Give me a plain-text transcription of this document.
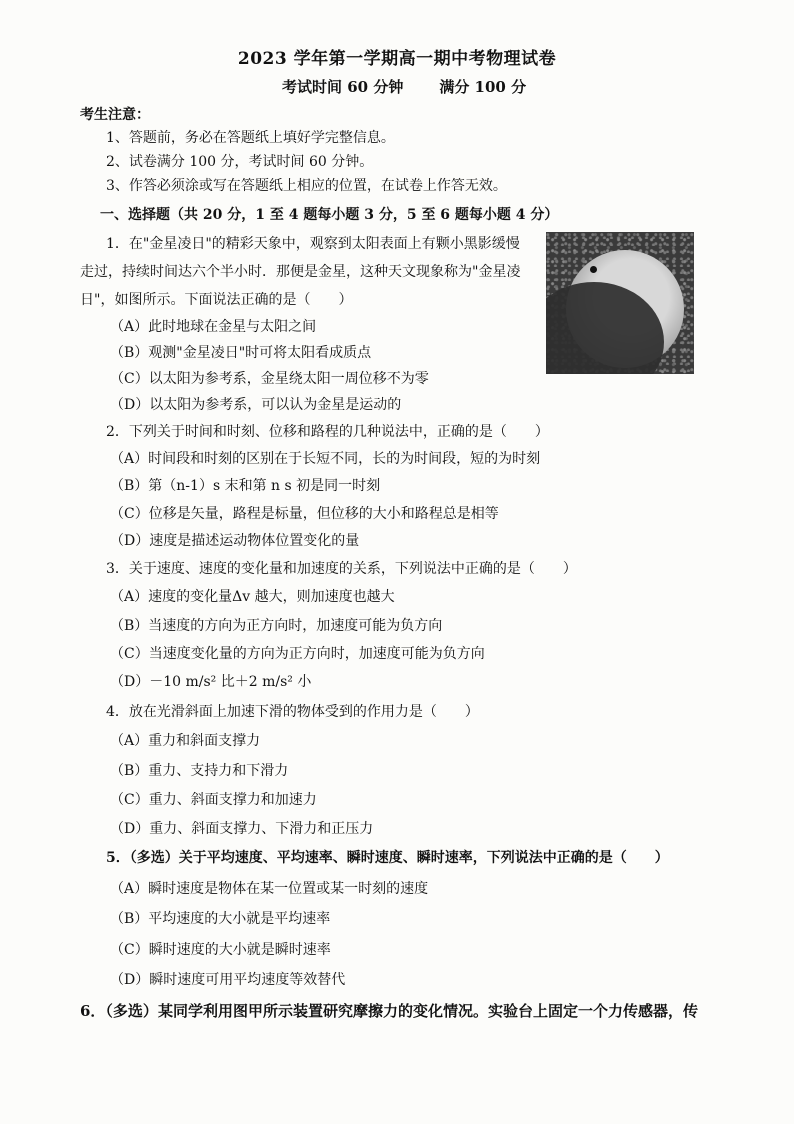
2023 学年第一学期高一期中考物理试卷
考试时间 60 分钟 满分 100 分
考生注意：
1、答题前，务必在答题纸上填好学完整信息。
2、试卷满分 100 分，考试时间 60 分钟。
3、作答必须涂或写在答题纸上相应的位置，在试卷上作答无效。
一、选择题（共 20 分，1 至 4 题每小题 3 分，5 至 6 题每小题 4 分）
1．在"金星凌日"的精彩天象中，观察到太阳表面上有颗小黑影缓慢
走过，持续时间达六个半小时．那便是金星，这种天文现象称为"金星凌
日"，如图所示。下面说法正确的是（　　）
（A）此时地球在金星与太阳之间
（B）观测"金星凌日"时可将太阳看成质点
（C）以太阳为参考系，金星绕太阳一周位移不为零
（D）以太阳为参考系，可以认为金星是运动的
2．下列关于时间和时刻、位移和路程的几种说法中，正确的是（　　）
（A）时间段和时刻的区别在于长短不同，长的为时间段，短的为时刻
（B）第（n-1）s 末和第 n s 初是同一时刻
（C）位移是矢量，路程是标量，但位移的大小和路程总是相等
（D）速度是描述运动物体位置变化的量
3．关于速度、速度的变化量和加速度的关系，下列说法中正确的是（　　）
（A）速度的变化量Δv 越大，则加速度也越大
（B）当速度的方向为正方向时，加速度可能为负方向
（C）当速度变化量的方向为正方向时，加速度可能为负方向
（D）－10 m/s² 比＋2 m/s² 小
4．放在光滑斜面上加速下滑的物体受到的作用力是（　　）
（A）重力和斜面支撑力
（B）重力、支持力和下滑力
（C）重力、斜面支撑力和加速力
（D）重力、斜面支撑力、下滑力和正压力
5．（多选）关于平均速度、平均速率、瞬时速度、瞬时速率，下列说法中正确的是（　　）
（A）瞬时速度是物体在某一位置或某一时刻的速度
（B）平均速度的大小就是平均速率
（C）瞬时速度的大小就是瞬时速率
（D）瞬时速度可用平均速度等效替代
6．（多选）某同学利用图甲所示装置研究摩擦力的变化情况。实验台上固定一个力传感器，传
